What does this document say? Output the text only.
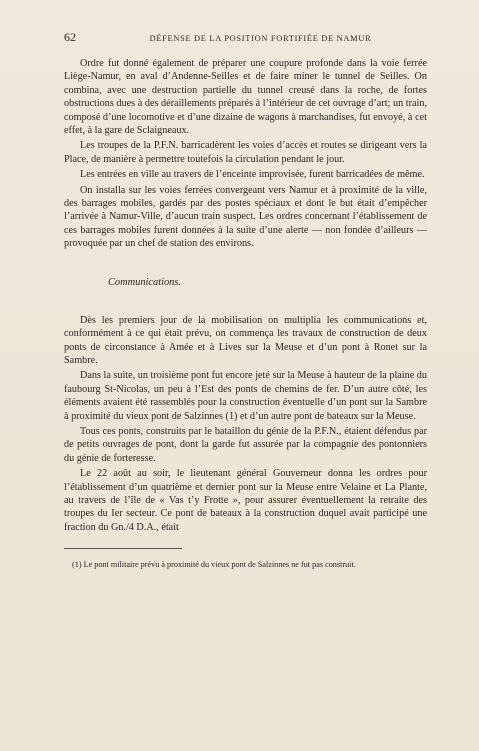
62	DÉFENSE DE LA POSITION FORTIFIÉE DE NAMUR

Ordre fut donné également de préparer une coupure profonde dans la voie ferrée Liège-Namur, en aval d’Andenne-Seilles et de faire miner le tunnel de Seilles. On combina, avec une destruction partielle du tunnel creusé dans la roche, de fortes obstructions dues à des déraillements préparés à l’intérieur de cet ouvrage d’art; un train, composé d’une locomotive et d’une dizaine de wagons à marchandises, fut envoyé, à cet effet, à la gare de Sclaigneaux.

Les troupes de la P.F.N. barricadèrent les voies d’accès et routes se dirigeant vers la Place, de manière à permettre toutefois la circulation pendant le jour.

Les entrées en ville au travers de l’enceinte improvisée, furent barricadées de même.

On installa sur les voies ferrées convergeant vers Namur et à proximité de la ville, des barrages mobiles, gardés par des postes spéciaux et dont le but était d’empêcher l’arrivée à Namur-Ville, d’aucun train suspect. Les ordres concernant l’établissement de ces barrages mobiles furent données à la suite d’une alerte — non fondée d’ailleurs — provoquée par un chef de station des environs.

Communications.

Dès les premiers jour de la mobilisation on multiplia les communications et, conformément à ce qui était prévu, on commença les travaux de construction de deux ponts de circonstance à Amée et à Lives sur la Meuse et d’un pont à Ronet sur la Sambre.

Dans la suite, un troisième pont fut encore jeté sur la Meuse à hauteur de la plaine du faubourg St-Nicolas, un peu à l’Est des ponts de chemins de fer. D’un autre côté, les éléments avaient été rassemblés pour la construction éventuelle d’un pont sur la Sambre à proximité du vieux pont de Salzinnes (1) et d’un autre pont de bateaux sur la Meuse.

Tous ces ponts, construits par le bataillon du génie de la P.F.N., étaient défendus par de petits ouvrages de pont, dont la garde fut assurée par la compagnie des pontonniers du génie de forteresse.

Le 22 août au soir, le lieutenant général Gouverneur donna les ordres pour l’établissement d’un quatrième et dernier pont sur la Meuse entre Velaine et La Plante, au travers de l’île de « Vas t’y Frotte », pour assurer éventuellement la retraite des troupes du Ier secteur. Ce pont de bateaux à la construction duquel avait participé une fraction du Gn./4 D.A., était

(1) Le pont militaire prévu à proximité du vieux pont de Salzinnes ne fut pas construit.
